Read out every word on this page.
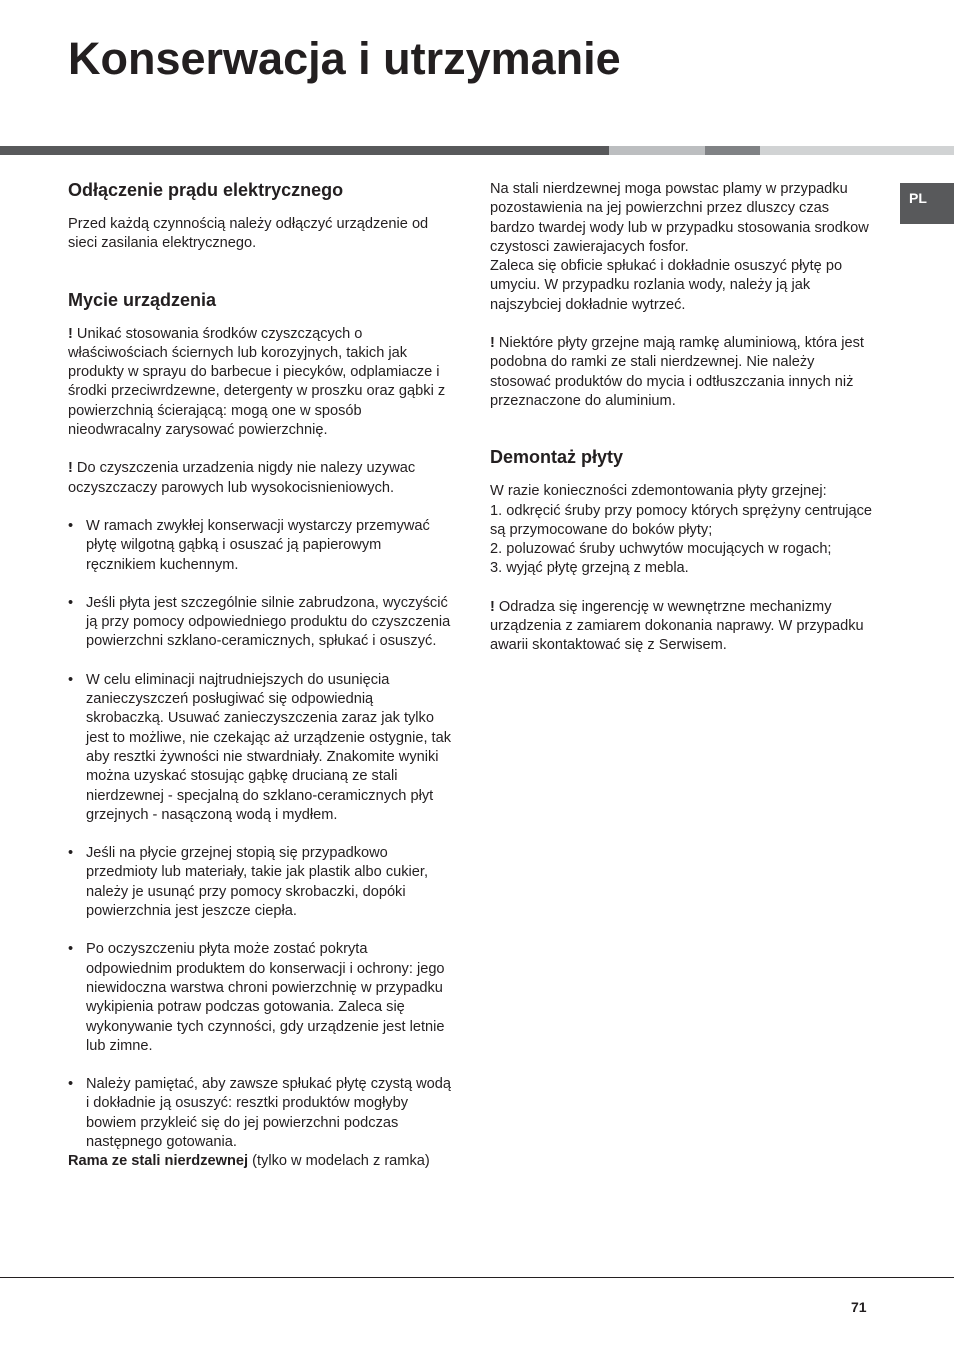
Konserwacja i utrzymanie
PL
Odłączenie prądu elektrycznego

Przed każdą czynnością należy odłączyć urządzenie od sieci zasilania elektrycznego.

Mycie urządzenia

! Unikać stosowania środków czyszczących o właściwościach ściernych lub korozyjnych, takich jak produkty w sprayu do barbecue i piecyków, odplamiacze i środki przeciwrdzewne, detergenty w proszku oraz gąbki z powierzchnią ścierającą: mogą one w sposób nieodwracalny zarysować powierzchnię.

! Do czyszczenia urzadzenia nigdy nie nalezy uzywac oczyszczaczy parowych lub wysokocisnieniowych.

• W ramach zwykłej konserwacji wystarczy przemywać płytę wilgotną gąbką i osuszać ją papierowym ręcznikiem kuchennym.
• Jeśli płyta jest szczególnie silnie zabrudzona, wyczyścić ją przy pomocy odpowiedniego produktu do czyszczenia powierzchni szklano-ceramicznych, spłukać i osuszyć.
• W celu eliminacji najtrudniejszych do usunięcia zanieczyszczeń posługiwać się odpowiednią skrobaczką. Usuwać zanieczyszczenia zaraz jak tylko jest to możliwe, nie czekając aż urządzenie ostygnie, tak aby resztki żywności nie stwardniały. Znakomite wyniki można uzyskać stosując gąbkę drucianą ze stali nierdzewnej - specjalną do szklano-ceramicznych płyt grzejnych - nasączoną wodą i mydłem.
• Jeśli na płycie grzejnej stopią się przypadkowo przedmioty lub materiały, takie jak plastik albo cukier, należy je usunąć przy pomocy skrobaczki, dopóki powierzchnia jest jeszcze ciepła.
• Po oczyszczeniu płyta może zostać pokryta odpowiednim produktem do konserwacji i ochrony: jego niewidoczna warstwa chroni powierzchnię w przypadku wykipienia potraw podczas gotowania. Zaleca się wykonywanie tych czynności, gdy urządzenie jest letnie lub zimne.
• Należy pamiętać, aby zawsze spłukać płytę czystą wodą i dokładnie ją osuszyć: resztki produktów mogłyby bowiem przykleić się do jej powierzchni podczas następnego gotowania.

Rama ze stali nierdzewnej (tylko w modelach z ramka)

Na stali nierdzewnej moga powstac plamy w przypadku pozostawienia na jej powierzchni przez dluszcy czas bardzo twardej wody lub w przypadku stosowania srodkow czystosci zawierajacych fosfor.

Zaleca się obficie spłukać i dokładnie osuszyć płytę po umyciu. W przypadku rozlania wody, należy ją jak najszybciej dokładnie wytrzeć.

! Niektóre płyty grzejne mają ramkę aluminiową, która jest podobna do ramki ze stali nierdzewnej. Nie należy stosować produktów do mycia i odtłuszczania innych niż przeznaczone do aluminium.

Demontaż płyty

W razie konieczności zdemontowania płyty grzejnej:

1. odkręcić śruby przy pomocy których sprężyny centrujące są przymocowane do boków płyty;

2. poluzować śruby uchwytów mocujących w rogach;

3. wyjąć płytę grzejną z mebla.

! Odradza się ingerencję w wewnętrzne mechanizmy urządzenia z zamiarem dokonania naprawy. W przypadku awarii skontaktować się z Serwisem.

71
